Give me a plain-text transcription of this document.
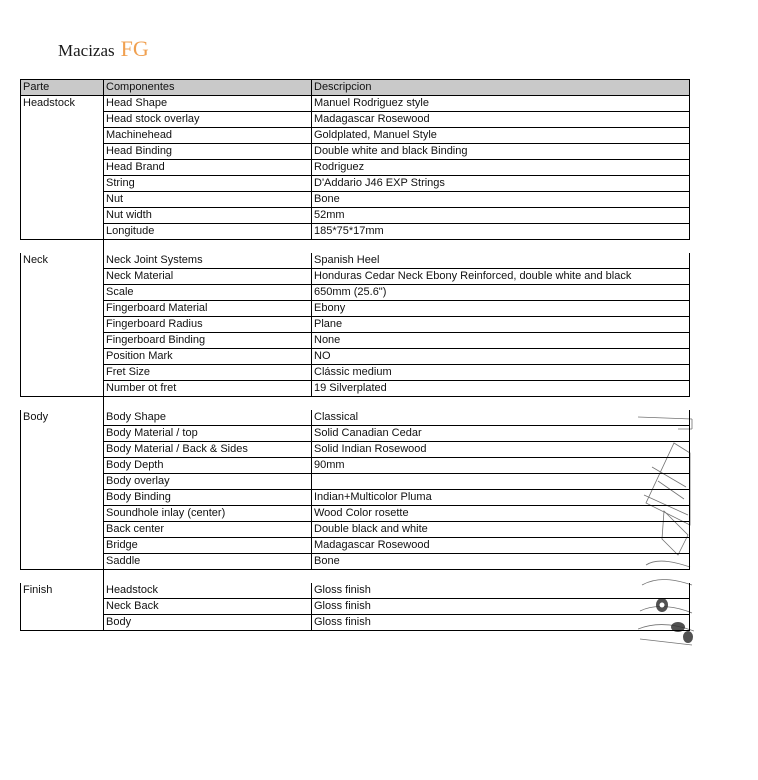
Macizas FG
Parte	Componentes	Descripcion
Headstock	Head Shape	Manuel Rodriguez style
	Head stock overlay	Madagascar Rosewood
	Machinehead	Goldplated, Manuel Style
	Head Binding	Double white and black Binding
	Head Brand	Rodriguez
	String	D'Addario J46 EXP Strings
	Nut	Bone
	Nut width	52mm
	Longitude	185*75*17mm

Neck	Neck Joint Systems	Spanish Heel
	Neck Material	Honduras Cedar Neck Ebony Reinforced, double white and black
	Scale	650mm (25.6")
	Fingerboard Material	Ebony
	Fingerboard Radius	Plane
	Fingerboard Binding	None
	Position Mark	NO
	Fret Size	Clássic medium
	Number ot fret	19 Silverplated

Body	Body Shape	Classical
	Body Material / top	Solid Canadian Cedar
	Body Material / Back & Sides	Solid Indian Rosewood
	Body Depth	90mm
	Body overlay	
	Body Binding	Indian+Multicolor Pluma
	Soundhole inlay (center)	Wood Color rosette
	Back center	Double black and white
	Bridge	Madagascar Rosewood
	Saddle	Bone

Finish	Headstock	Gloss finish
	Neck Back	Gloss finish
	Body	Gloss finish
